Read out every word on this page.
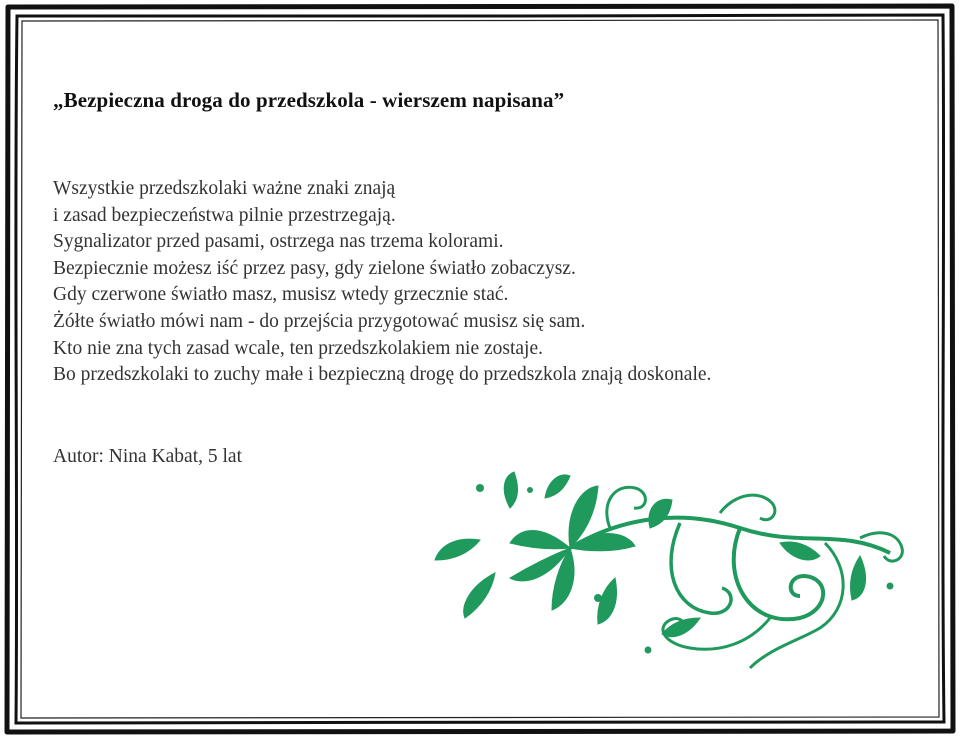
„Bezpieczna droga do przedszkola - wierszem napisana”
Wszystkie przedszkolaki ważne znaki znają
i zasad bezpieczeństwa pilnie przestrzegają.
Sygnalizator przed pasami, ostrzega nas trzema kolorami.
Bezpiecznie możesz iść przez pasy, gdy zielone światło zobaczysz.
Gdy czerwone światło masz, musisz wtedy grzecznie stać.
Żółte światło mówi nam - do przejścia przygotować musisz się sam.
Kto nie zna tych zasad wcale, ten przedszkolakiem nie zostaje.
Bo przedszkolaki to zuchy małe i bezpieczną drogę do przedszkola znają doskonale.
Autor: Nina Kabat, 5 lat
